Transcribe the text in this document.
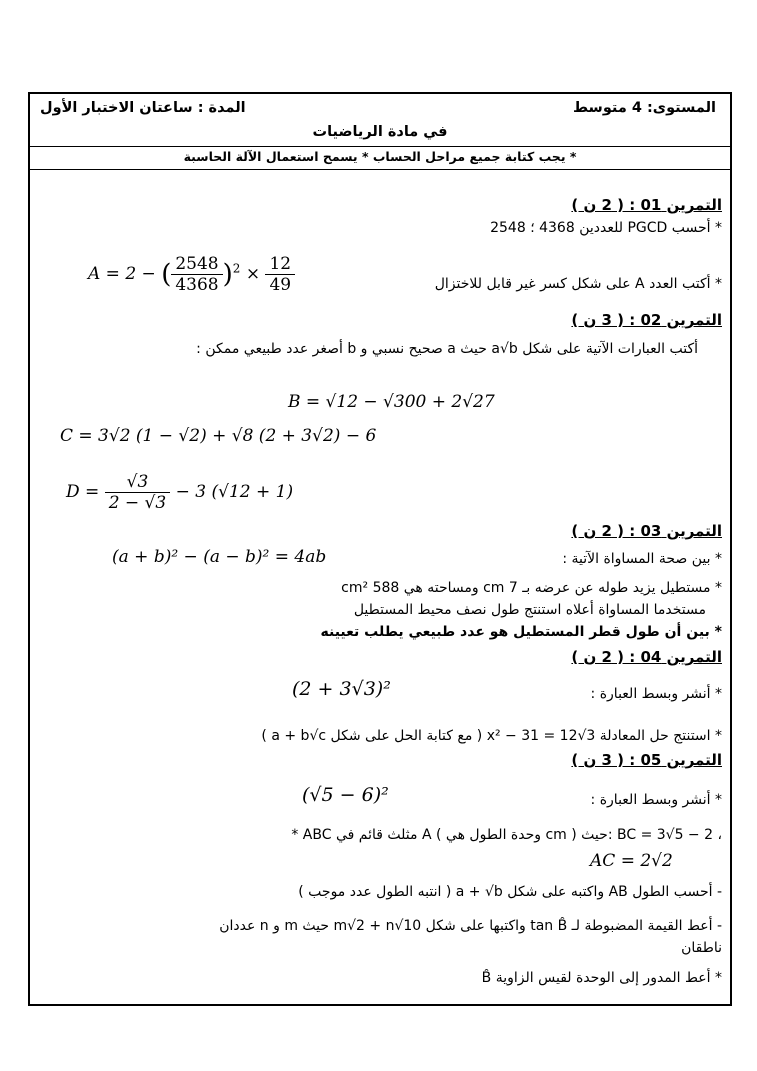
المستوى: 4 متوسط
المدة : ساعتان الاختبار الأول
في مادة الرياضيات
* يجب كتابة جميع مراحل الحساب * يسمح استعمال الآلة الحاسبة
التمرين 01 : ( 2 ن )
* أحسب PGCD للعددين 4368 ؛ 2548
* أكتب العدد A على شكل كسر غير قابل للاختزال
A = 2 − ( $\frac{2548}{4368} )^2 \times \frac{12}{49}$
التمرين 02 : ( 3 ن )
أكتب العبارات الآتية على شكل a√b حيث a صحيح نسبي و b أصغر عدد طبيعي ممكن :
B = √12 − √300 + 2√27
C = 3√2 (1 − √2) + √8 (2 + 3√2) − 6
$D = \frac{√3}{2 - √3} - 3$ (√12 + 1)
التمرين 03 : ( 2 ن )
* بين صحة المساواة الآتية :
(a + b)² − (a − b)² = 4ab
* مستطيل يزيد طوله عن عرضه بـ 7 cm ومساحته هي 588 cm²
مستخدما المساواة أعلاه استنتج طول نصف محيط المستطيل
* بين أن طول قطر المستطيل هو عدد طبيعي يطلب تعيينه
التمرين 04 : ( 2 ن )
* أنشر وبسط العبارة :
(2 + 3√3)²
* استنتج حل المعادلة x² − 31 = 12√3 ( مع كتابة الحل على شكل a + b√c )
التمرين 05 : ( 3 ن )
* أنشر وبسط العبارة :
(√5 − 6)²
* ABC مثلث قائم في A ( وحدة الطول هي cm ) حيث: BC = 3√5 − 2 ،
AC = 2√2
- أحسب الطول AB واكتبه على شكل a + √b ( انتبه الطول عدد موجب )
- أعط القيمة المضبوطة لـ tan B̂ واكتبها على شكل m√2 + n√10 حيث m و n عددان
ناطقان
* أعط المدور إلى الوحدة لقيس الزاوية B̂
